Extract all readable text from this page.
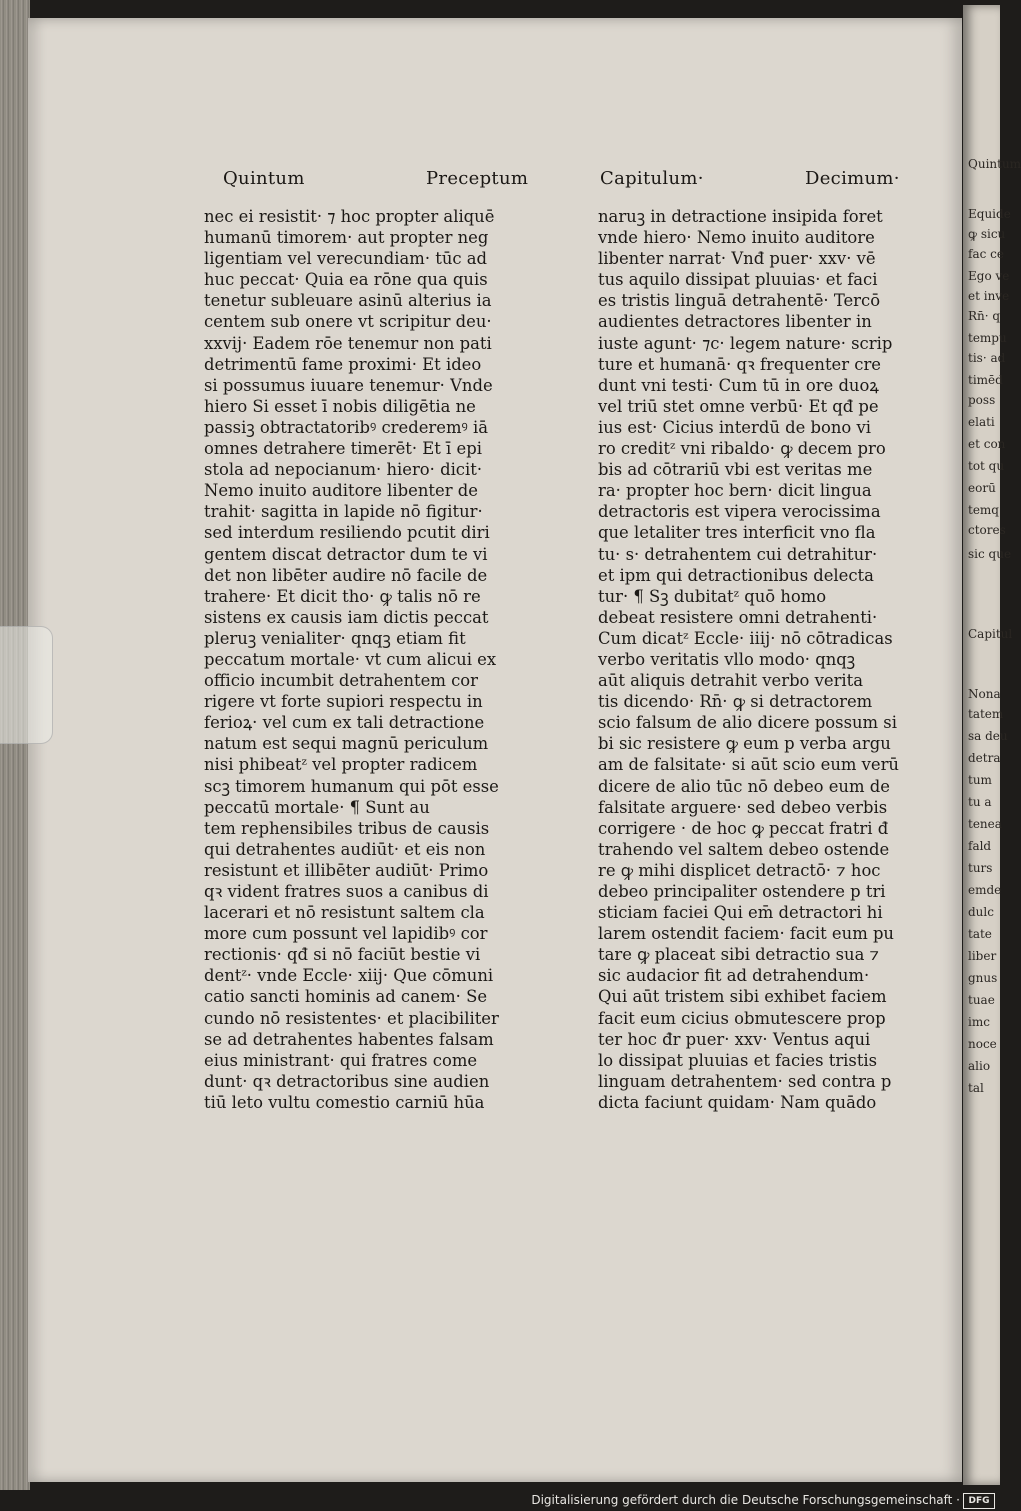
Quintum	Preceptum	Capitulum·	Decimum·
nec ei resistit· ⁊ hoc propter aliquē
humanū timorem· aut propter neg
ligentiam vel verecundiam· tūc ad
huc peccat· Quia ea rōne qua quis
tenetur subleuare asinū alterius ia
centem sub onere vt scripitur deu·
xxvij· Eadem rōe tenemur non pati
detrimentū fame proximi· Et ideo
si possumus iuuare tenemur· Vnde
hiero Si esset ī nobis diligētia ne
passiꝫ obtractatoribꝰ crederemꝰ iā
omnes detrahere timerēt· Et ī epi
stola ad nepocianum· hiero· dicit·
Nemo inuito auditore libenter de
trahit· sagitta in lapide nō figitur·
sed interdum resiliendo pcutit diri
gentem discat detractor dum te vi
det non libēter audire nō facile de
trahere· Et dicit tho· ꝙ talis nō re
sistens ex causis iam dictis peccat
pleruꝫ venialiter· qnqꝫ etiam fit
peccatum mortale· vt cum alicui ex
officio incumbit detrahentem cor
rigere vt forte supiori respectu in
ferioꝝ· vel cum ex tali detractione
natum est sequi magnū periculum
nisi phibeatᶻ vel propter radicem
scꝫ timorem humanum qui pōt esse
peccatū mortale· ¶ Sunt au
tem rephensibiles tribus de causis
qui detrahentes audiūt· et eis non
resistunt et illibēter audiūt· Primo
qꝛ vident fratres suos a canibus di
lacerari et nō resistunt saltem cla
more cum possunt vel lapidibꝰ cor
rectionis· qđ si nō faciūt bestie vi
dentᶻ· vnde Eccle· xiij· Que cōmuni
catio sancti hominis ad canem· Se
cundo nō resistentes· et placibiliter
se ad detrahentes habentes falsam
eius ministrant· qui fratres come
dunt· qꝛ detractoribus sine audien
tiū leto vultu comestio carniū hūa
naruꝫ in detractione insipida foret
vnde hiero· Nemo inuito auditore
libenter narrat· Vnđ puer· xxv· vē
tus aquilo dissipat pluuias· et faci
es tristis linguā detrahentē· Tercō
audientes detractores libenter in
iuste agunt· ⁊c· legem nature· scrip
ture et humanā· qꝛ frequenter cre
dunt vni testi· Cum tū in ore duoꝝ
vel triū stet omne verbū· Et qđ pe
ius est· Cicius interdū de bono vi
ro creditᶻ vni ribaldo· ꝙ decem pro
bis ad cōtrariū vbi est veritas me
ra· propter hoc bern· dicit lingua
detractoris est vipera verocissima
que letaliter tres interficit vno fla
tu· s· detrahentem cui detrahitur·
et ipm qui detractionibus delecta
tur· ¶ Sꝫ dubitatᶻ quō homo
debeat resistere omni detrahenti·
Cum dicatᶻ Eccle· iiij· nō cōtradicas
verbo veritatis vllo modo· qnqꝫ
aūt aliquis detrahit verbo verita
tis dicendo· Rn̄· ꝙ si detractorem
scio falsum de alio dicere possum si
bi sic resistere ꝙ eum p verba argu
am de falsitate· si aūt scio eum verū
dicere de alio tūc nō debeo eum de
falsitate arguere· sed debeo verbis
corrigere · de hoc ꝙ peccat fratri đ
trahendo vel saltem debeo ostende
re ꝙ mihi displicet detractō· ⁊ hoc
debeo principaliter ostendere p tri
sticiam faciei Qui em̄ detractori hi
larem ostendit faciem· facit eum pu
tare ꝙ placeat sibi detractio sua ⁊
sic audacior fit ad detrahendum·
Qui aūt tristem sibi exhibet faciem
facit eum cicius obmutescere prop
ter hoc đr puer· xxv· Ventus aqui
lo dissipat pluuias et facies tristis
linguam detrahentem· sed contra p
dicta faciunt quidam· Nam quādo
Quintum
Equide
ꝙ sicu
fac ce
Ego ve
et inve
Rn̄· q
tempu
tis· ad
timēd
poss
elati
et con
tot qu
eorū
temq
ctores
sic que
Capitul
Nona
tatem
sa deu
detra
tum
tu a
tenea
fald
turs
emde
dulc
tate
liber
gnus
tuae
imc
noce
alio
tal
Digitalisierung gefördert durch die Deutsche Forschungsgemeinschaft · DFG
